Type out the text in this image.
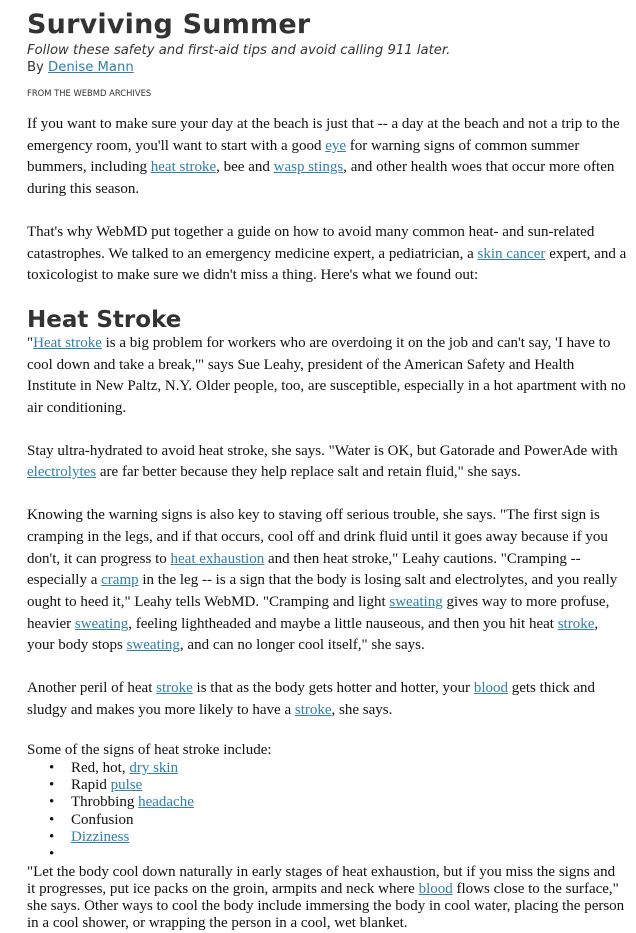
Surviving Summer

Follow these safety and first-aid tips and avoid calling 911 later.

By Denise Mann

FROM THE WEBMD ARCHIVES

If you want to make sure your day at the beach is just that -- a day at the beach and not a trip to the emergency room, you'll want to start with a good eye for warning signs of common summer bummers, including heat stroke, bee and wasp stings, and other health woes that occur more often during this season.

That's why WebMD put together a guide on how to avoid many common heat- and sun-related catastrophes. We talked to an emergency medicine expert, a pediatrician, a skin cancer expert, and a toxicologist to make sure we didn't miss a thing. Here's what we found out:

Heat Stroke

"Heat stroke is a big problem for workers who are overdoing it on the job and can't say, 'I have to cool down and take a break,'" says Sue Leahy, president of the American Safety and Health Institute in New Paltz, N.Y. Older people, too, are susceptible, especially in a hot apartment with no air conditioning.

Stay ultra-hydrated to avoid heat stroke, she says. "Water is OK, but Gatorade and PowerAde with electrolytes are far better because they help replace salt and retain fluid," she says.

Knowing the warning signs is also key to staving off serious trouble, she says. "The first sign is cramping in the legs, and if that occurs, cool off and drink fluid until it goes away because if you don't, it can progress to heat exhaustion and then heat stroke," Leahy cautions. "Cramping -- especially a cramp in the leg -- is a sign that the body is losing salt and electrolytes, and you really ought to heed it," Leahy tells WebMD. "Cramping and light sweating gives way to more profuse, heavier sweating, feeling lightheaded and maybe a little nauseous, and then you hit heat stroke, your body stops sweating, and can no longer cool itself," she says.

Another peril of heat stroke is that as the body gets hotter and hotter, your blood gets thick and sludgy and makes you more likely to have a stroke, she says.

Some of the signs of heat stroke include:

• Red, hot, dry skin
• Rapid pulse
• Throbbing headache
• Confusion
• Dizziness
•

"Let the body cool down naturally in early stages of heat exhaustion, but if you miss the signs and it progresses, put ice packs on the groin, armpits and neck where blood flows close to the surface," she says. Other ways to cool the body include immersing the body in cool water, placing the person in a cool shower, or wrapping the person in a cool, wet blanket.
